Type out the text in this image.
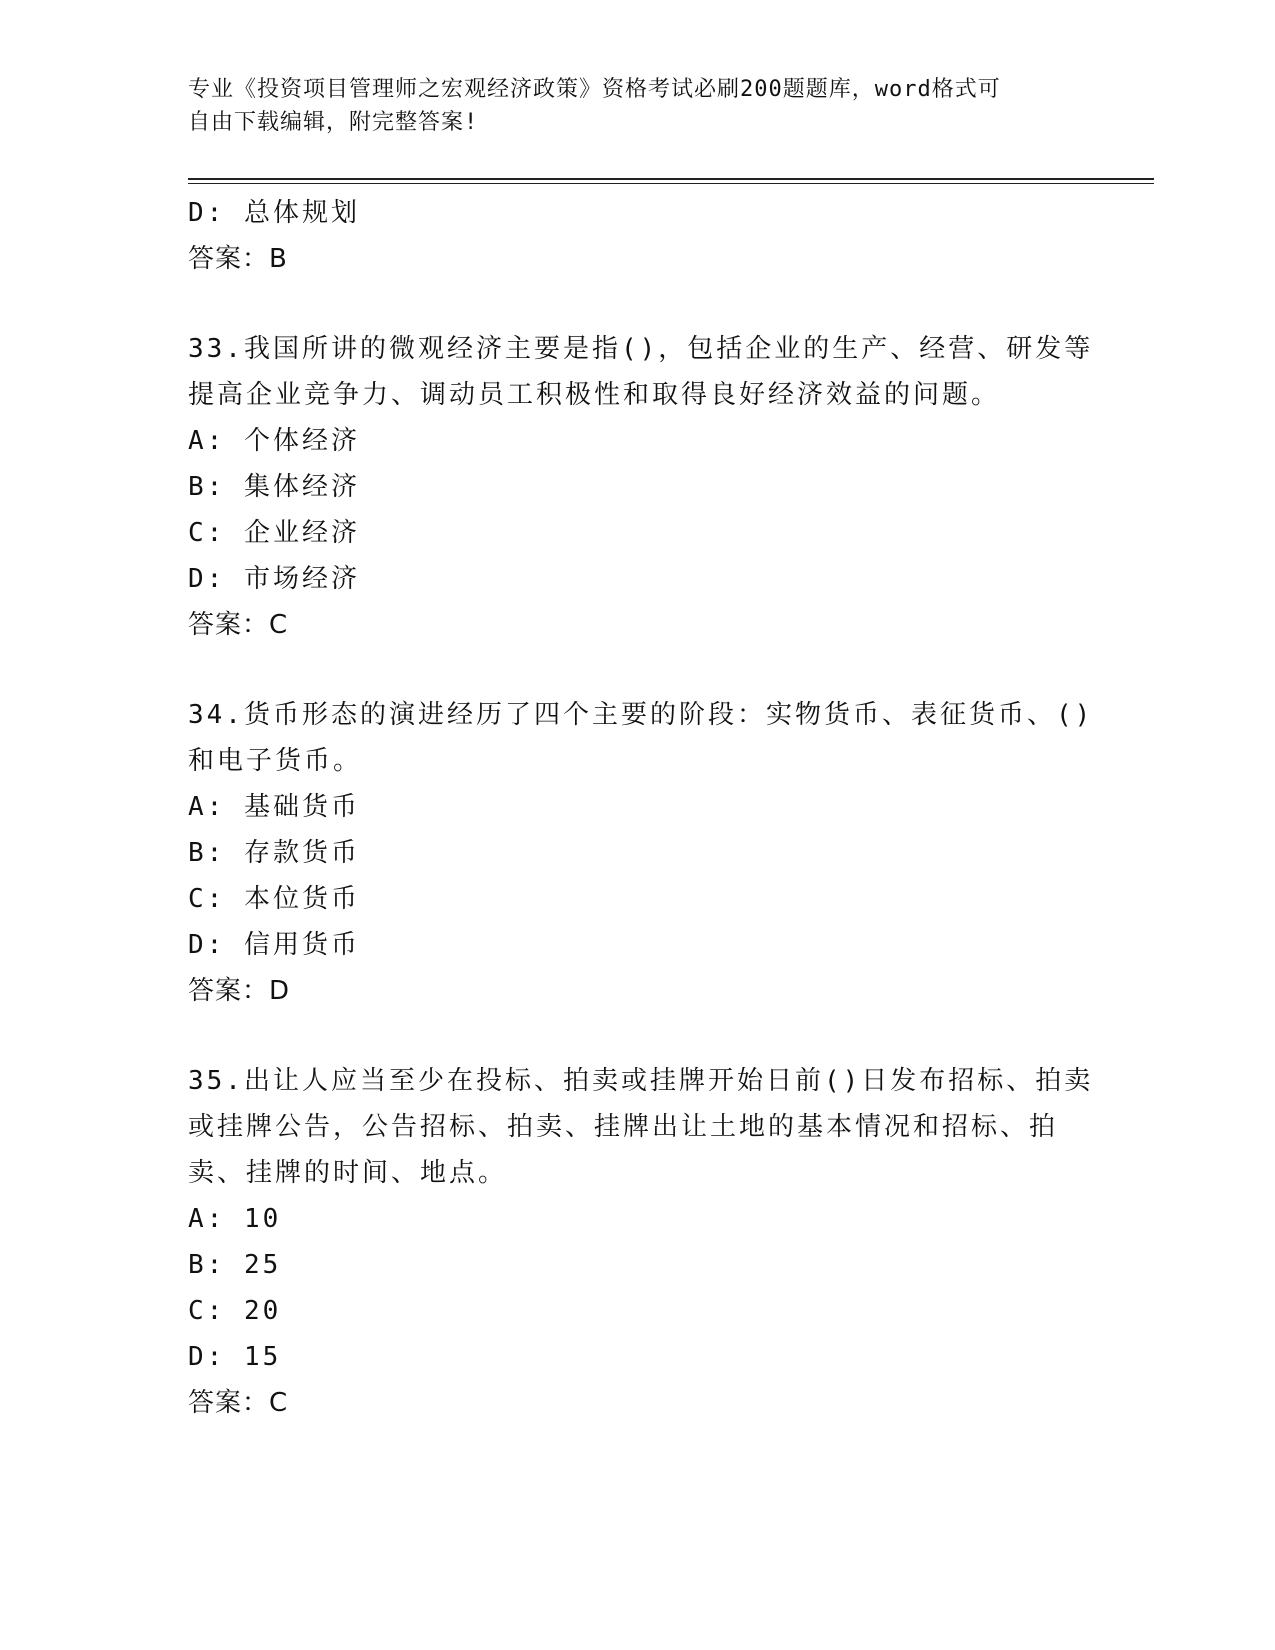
专业《投资项目管理师之宏观经济政策》资格考试必刷200题题库，word格式可
自由下载编辑，附完整答案!
D: 总体规划
答案：B
33.我国所讲的微观经济主要是指()，包括企业的生产、经营、研发等
提高企业竞争力、调动员工积极性和取得良好经济效益的问题。
A: 个体经济
B: 集体经济
C: 企业经济
D: 市场经济
答案：C
34.货币形态的演进经历了四个主要的阶段：实物货币、表征货币、()
和电子货币。
A: 基础货币
B: 存款货币
C: 本位货币
D: 信用货币
答案：D
35.出让人应当至少在投标、拍卖或挂牌开始日前()日发布招标、拍卖
或挂牌公告，公告招标、拍卖、挂牌出让土地的基本情况和招标、拍
卖、挂牌的时间、地点。
A: 10
B: 25
C: 20
D: 15
答案：C
